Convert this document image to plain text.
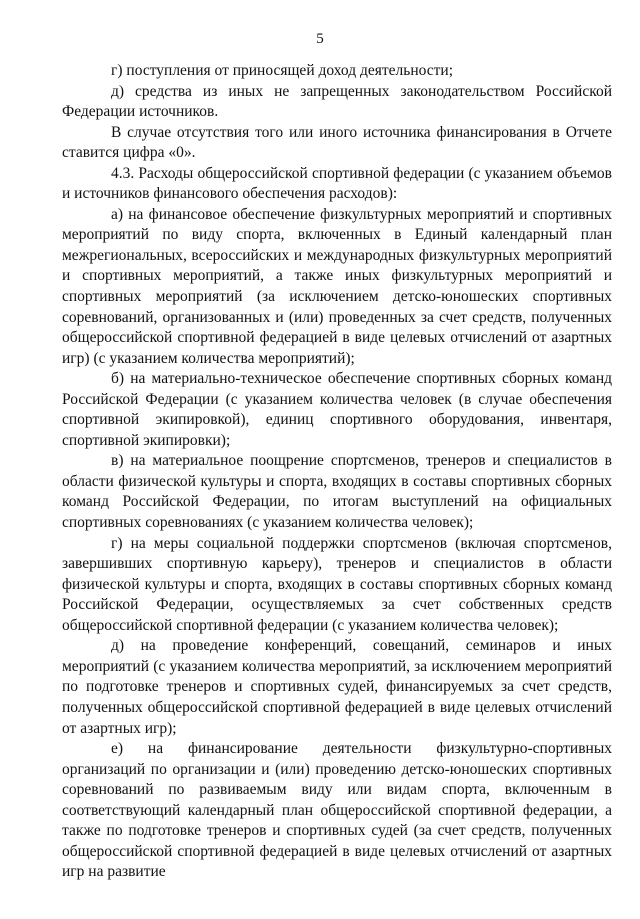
5

г) поступления от приносящей доход деятельности;

д) средства из иных не запрещенных законодательством Российской Федерации источников.

В случае отсутствия того или иного источника финансирования в Отчете ставится цифра «0».

4.3. Расходы общероссийской спортивной федерации (с указанием объемов и источников финансового обеспечения расходов):

а) на финансовое обеспечение физкультурных мероприятий и спортивных мероприятий по виду спорта, включенных в Единый календарный план межрегиональных, всероссийских и международных физкультурных мероприятий и спортивных мероприятий, а также иных физкультурных мероприятий и спортивных мероприятий (за исключением детско-юношеских спортивных соревнований, организованных и (или) проведенных за счет средств, полученных общероссийской спортивной федерацией в виде целевых отчислений от азартных игр) (с указанием количества мероприятий);

б) на материально-техническое обеспечение спортивных сборных команд Российской Федерации (с указанием количества человек (в случае обеспечения спортивной экипировкой), единиц спортивного оборудования, инвентаря, спортивной экипировки);

в) на материальное поощрение спортсменов, тренеров и специалистов в области физической культуры и спорта, входящих в составы спортивных сборных команд Российской Федерации, по итогам выступлений на официальных спортивных соревнованиях (с указанием количества человек);

г) на меры социальной поддержки спортсменов (включая спортсменов, завершивших спортивную карьеру), тренеров и специалистов в области физической культуры и спорта, входящих в составы спортивных сборных команд Российской Федерации, осуществляемых за счет собственных средств общероссийской спортивной федерации (с указанием количества человек);

д) на проведение конференций, совещаний, семинаров и иных мероприятий (с указанием количества мероприятий, за исключением мероприятий по подготовке тренеров и спортивных судей, финансируемых за счет средств, полученных общероссийской спортивной федерацией в виде целевых отчислений от азартных игр);

е) на финансирование деятельности физкультурно-спортивных организаций по организации и (или) проведению детско-юношеских спортивных соревнований по развиваемым виду или видам спорта, включенным в соответствующий календарный план общероссийской спортивной федерации, а также по подготовке тренеров и спортивных судей (за счет средств, полученных общероссийской спортивной федерацией в виде целевых отчислений от азартных игр на развитие
